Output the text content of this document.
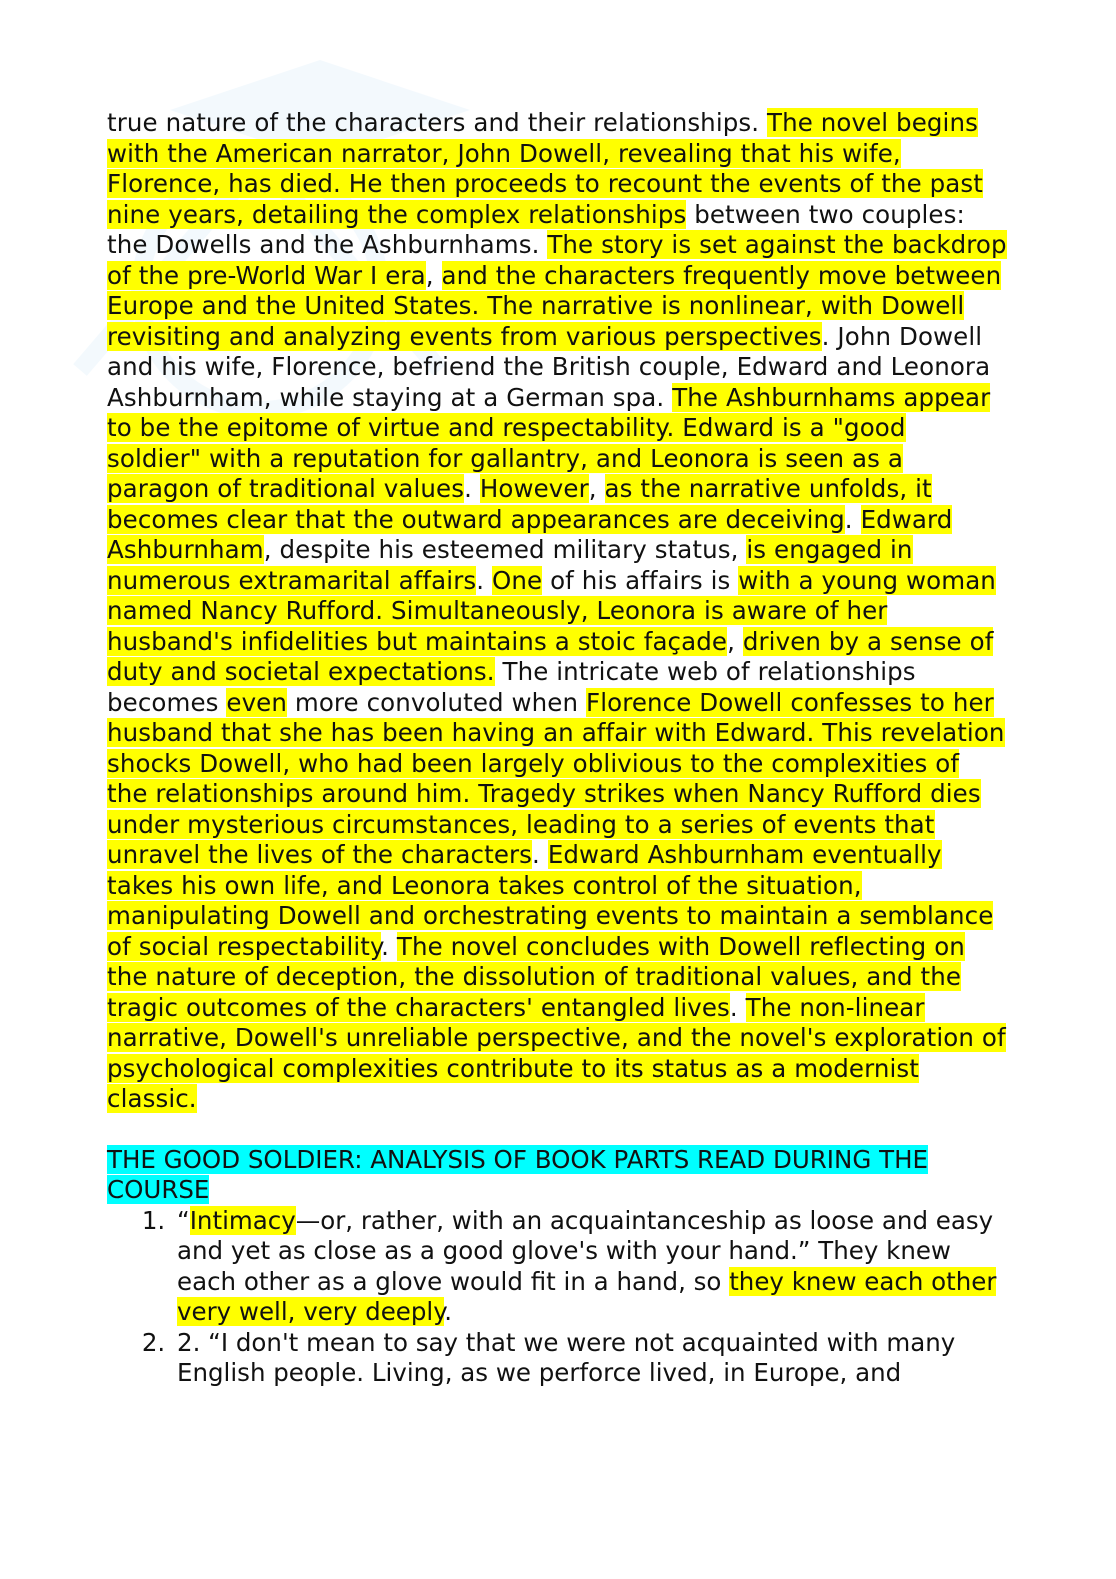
true nature of the characters and their relationships. The novel begins with the American narrator, John Dowell, revealing that his wife, Florence, has died. He then proceeds to recount the events of the past nine years, detailing the complex relationships between two couples: the Dowells and the Ashburnhams. The story is set against the backdrop of the pre-World War I era, and the characters frequently move between Europe and the United States. The narrative is nonlinear, with Dowell revisiting and analyzing events from various perspectives. John Dowell and his wife, Florence, befriend the British couple, Edward and Leonora Ashburnham, while staying at a German spa. The Ashburnhams appear to be the epitome of virtue and respectability. Edward is a "good soldier" with a reputation for gallantry, and Leonora is seen as a paragon of traditional values. However, as the narrative unfolds, it becomes clear that the outward appearances are deceiving. Edward Ashburnham, despite his esteemed military status, is engaged in numerous extramarital affairs. One of his affairs is with a young woman named Nancy Rufford. Simultaneously, Leonora is aware of her husband's infidelities but maintains a stoic façade, driven by a sense of duty and societal expectations. The intricate web of relationships becomes even more convoluted when Florence Dowell confesses to her husband that she has been having an affair with Edward. This revelation shocks Dowell, who had been largely oblivious to the complexities of the relationships around him. Tragedy strikes when Nancy Rufford dies under mysterious circumstances, leading to a series of events that unravel the lives of the characters. Edward Ashburnham eventually takes his own life, and Leonora takes control of the situation, manipulating Dowell and orchestrating events to maintain a semblance of social respectability. The novel concludes with Dowell reflecting on the nature of deception, the dissolution of traditional values, and the tragic outcomes of the characters' entangled lives. The non-linear narrative, Dowell's unreliable perspective, and the novel's exploration of psychological complexities contribute to its status as a modernist classic.

THE GOOD SOLDIER: ANALYSIS OF BOOK PARTS READ DURING THE COURSE
1. “Intimacy—or, rather, with an acquaintanceship as loose and easy and yet as close as a good glove's with your hand.” They knew each other as a glove would fit in a hand, so they knew each other very well, very deeply.
2. 2. “I don't mean to say that we were not acquainted with many English people. Living, as we perforce lived, in Europe, and
